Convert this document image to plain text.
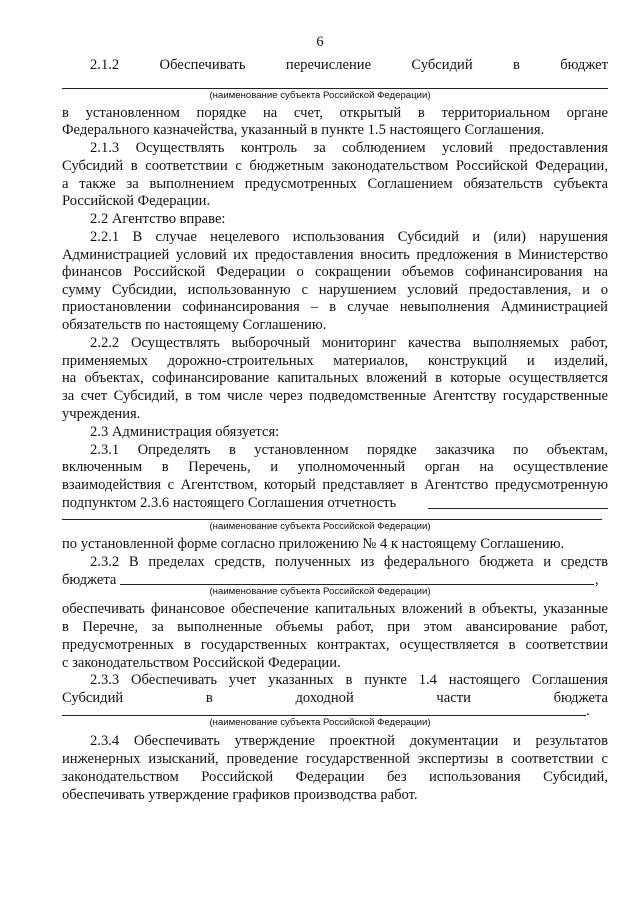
6
2.1.2 Обеспечивать перечисление Субсидий в бюджет
(наименование субъекта Российской Федерации)
в установленном порядке на счет, открытый в территориальном органе
Федерального казначейства, указанный в пункте 1.5 настоящего Соглашения.
2.1.3 Осуществлять контроль за соблюдением условий предоставления
Субсидий в соответствии с бюджетным законодательством Российской Федерации,
а также за выполнением предусмотренных Соглашением обязательств субъекта
Российской Федерации.
2.2 Агентство вправе:
2.2.1 В случае нецелевого использования Субсидий и (или) нарушения
Администрацией условий их предоставления вносить предложения в Министерство
финансов Российской Федерации о сокращении объемов софинансирования на
сумму Субсидии, использованную с нарушением условий предоставления, и о
приостановлении софинансирования – в случае невыполнения Администрацией
обязательств по настоящему Соглашению.
2.2.2 Осуществлять выборочный мониторинг качества выполняемых работ,
применяемых дорожно-строительных материалов, конструкций и изделий,
на объектах, софинансирование капитальных вложений в которые осуществляется
за счет Субсидий, в том числе через подведомственные Агентству государственные
учреждения.
2.3 Администрация обязуется:
2.3.1 Определять в установленном порядке заказчика по объектам,
включенным в Перечень, и уполномоченный орган на осуществление
взаимодействия с Агентством, который представляет в Агентство предусмотренную
подпунктом 2.3.6 настоящего Соглашения отчетность
(наименование субъекта Российской Федерации)
по установленной форме согласно приложению № 4 к настоящему Соглашению.
2.3.2 В пределах средств, полученных из федерального бюджета и средств
бюджета	,
(наименование субъекта Российской Федерации)
обеспечивать финансовое обеспечение капитальных вложений в объекты, указанные
в Перечне, за выполненные объемы работ, при этом авансирование работ,
предусмотренных в государственных контрактах, осуществляется в соответствии
с законодательством Российской Федерации.
2.3.3 Обеспечивать учет указанных в пункте 1.4 настоящего Соглашения
Субсидий в доходной части бюджета
.
(наименование субъекта Российской Федерации)
2.3.4 Обеспечивать утверждение проектной документации и результатов
инженерных изысканий, проведение государственной экспертизы в соответствии с
законодательством Российской Федерации без использования Субсидий,
обеспечивать утверждение графиков производства работ.
